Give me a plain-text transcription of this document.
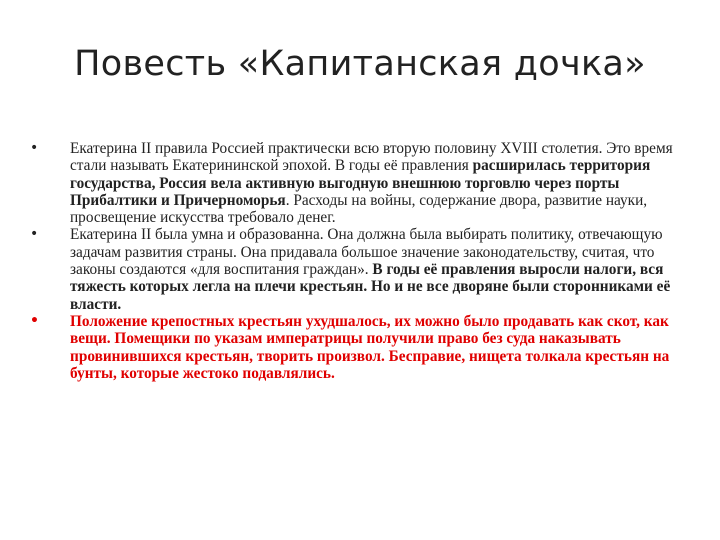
Повесть «Капитанская дочка»
• Екатерина II правила Россией практически всю вторую половину XVIII столетия. Это время стали называть Екатерининской эпохой. В годы её правления расширилась территория государства, Россия вела активную выгодную внешнюю торговлю через порты Прибалтики и Причерноморья. Расходы на войны, содержание двора, развитие науки, просвещение искусства требовало денег.
• Екатерина II была умна и образованна. Она должна была выбирать политику, отвечающую задачам развития страны. Она придавала большое значение законодательству, считая, что законы создаются «для воспитания граждан». В годы её правления выросли налоги, вся тяжесть которых легла на плечи крестьян. Но и не все дворяне были сторонниками её власти.
• Положение крепостных крестьян ухудшалось, их можно было продавать как скот, как вещи. Помещики по указам императрицы получили право без суда наказывать провинившихся крестьян, творить произвол. Бесправие, нищета толкала крестьян на бунты, которые жестоко подавлялись.
